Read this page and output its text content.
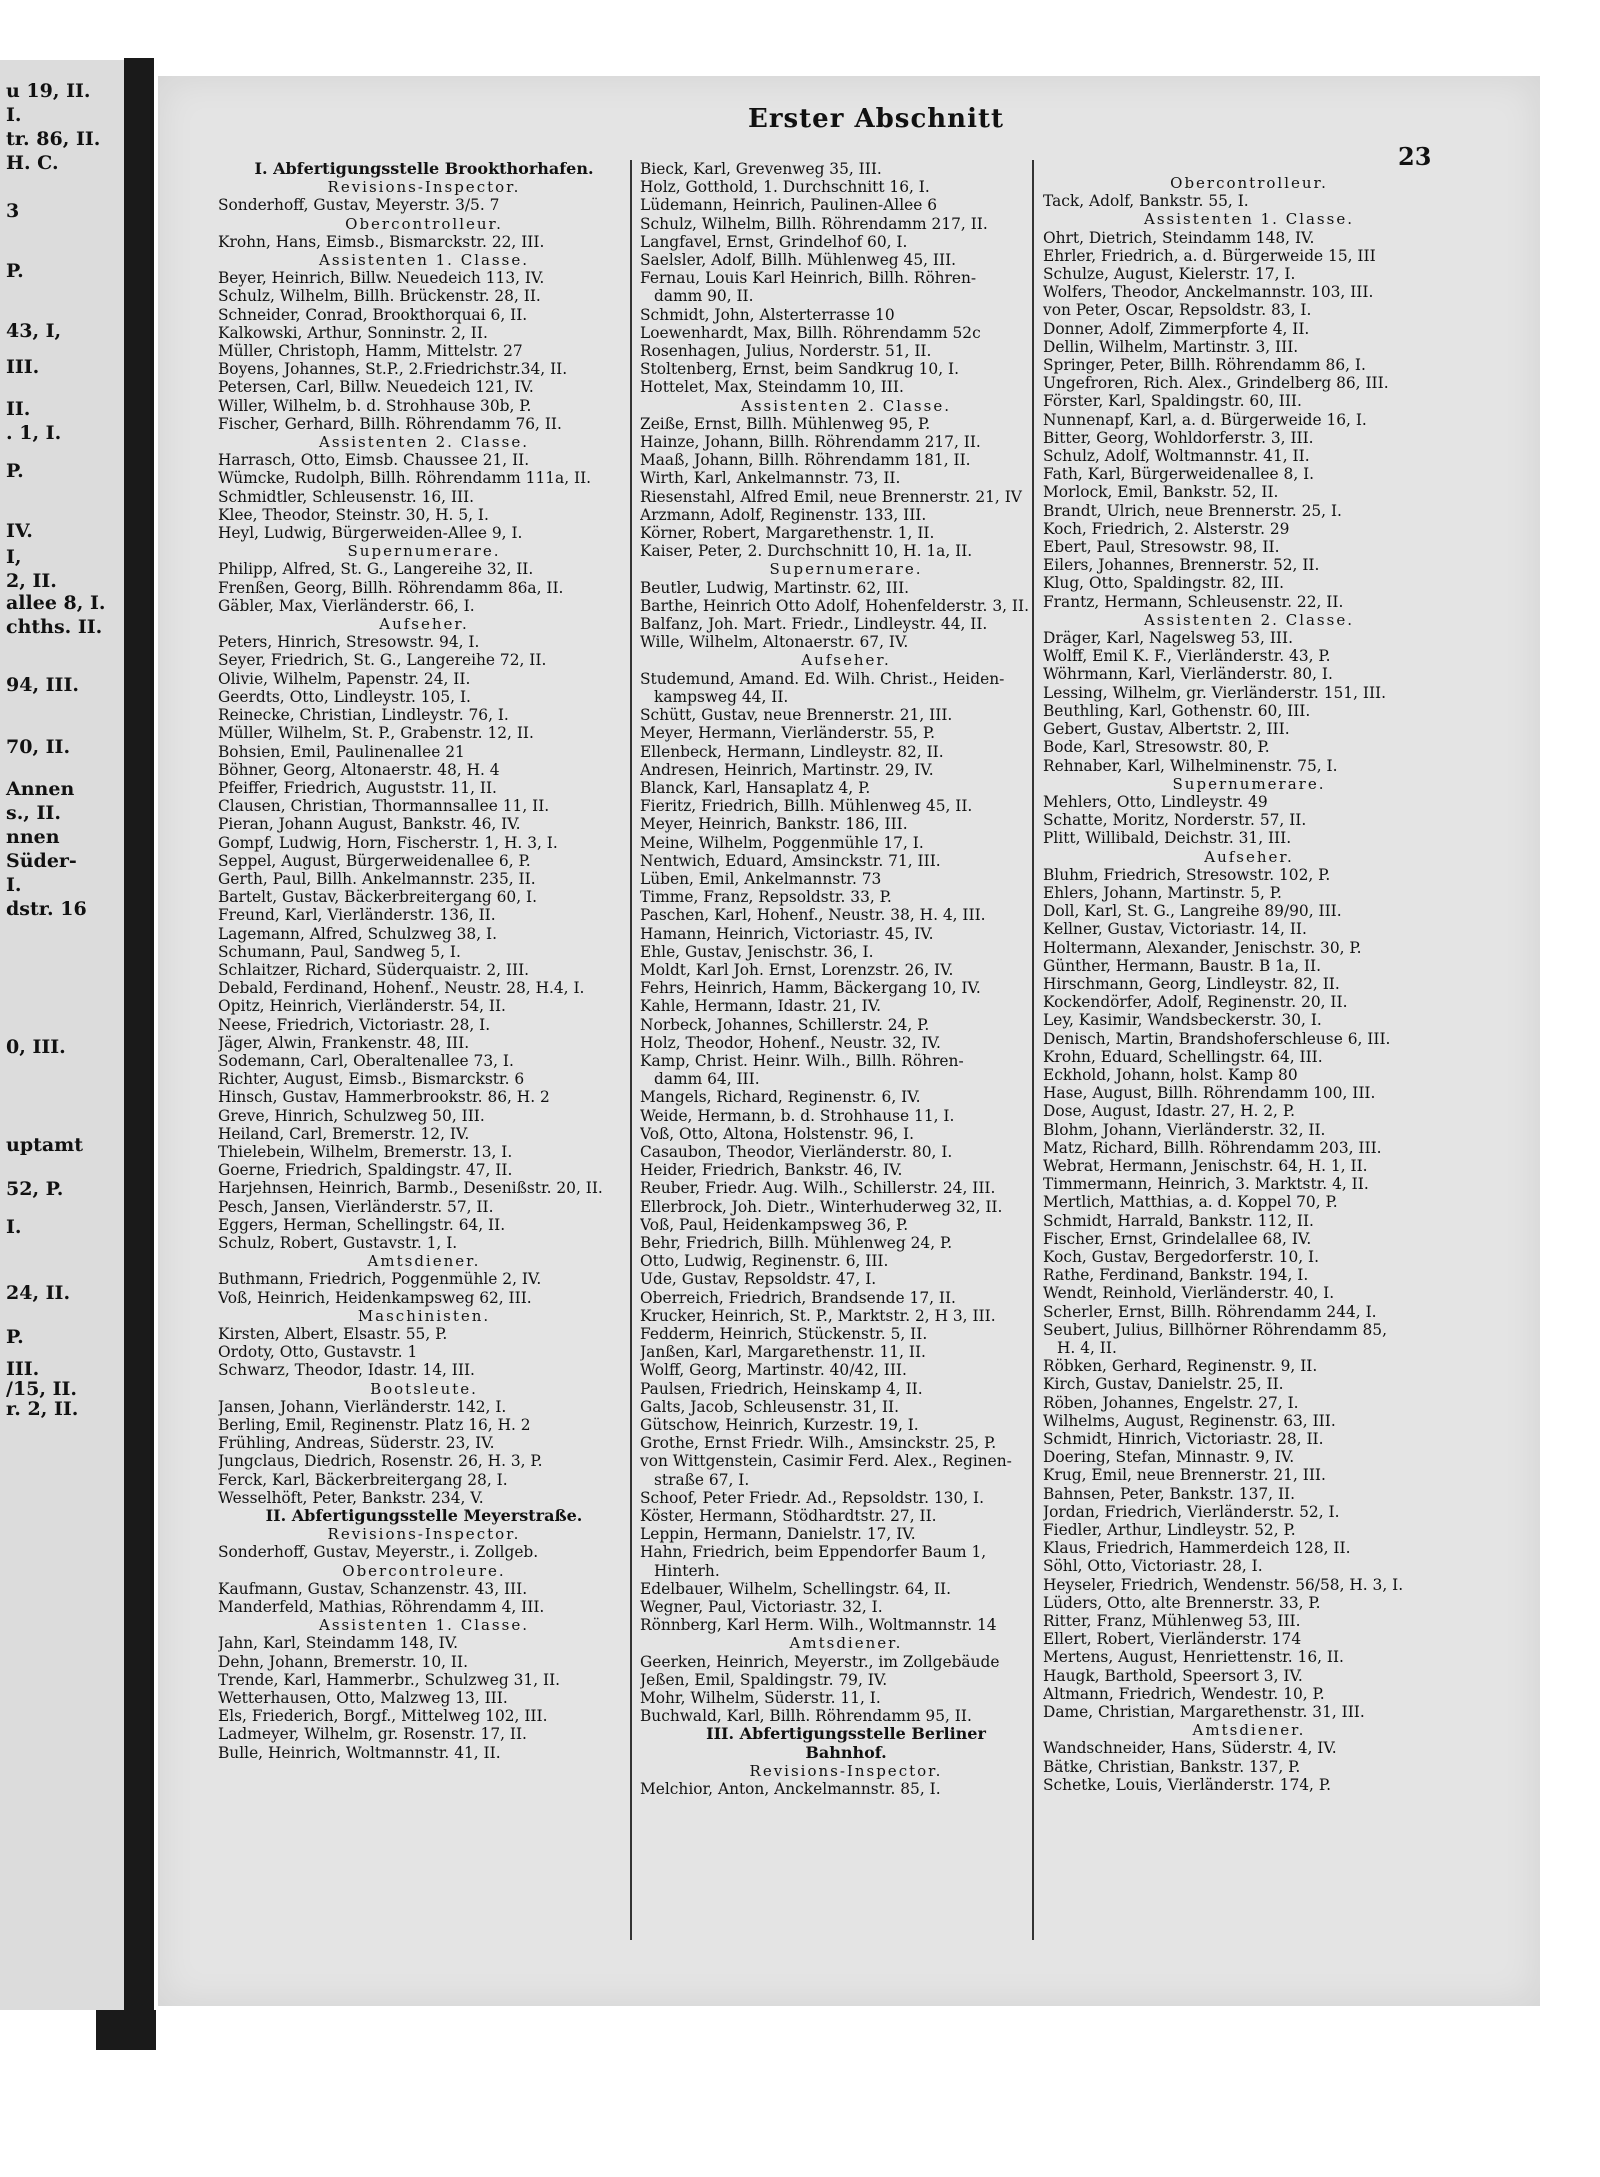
u 19, II.
I.
tr. 86, II.
H. C.
3
P.
43, I,
III.
II.
. 1, I.
P.
IV.
I,
2, II.
allee 8, I.
chths. II.
94, III.
70, II.
Annen
s., II.
nnen
Süder-
I.
dstr. 16
0, III.
uptamt
52, P.
I.
24, II.
P.
III.
/15, II.
r. 2, II.
Erster Abschnitt
23

I. Abfertigungsstelle Brookthorhafen.

Revisions-Inspector.

Sonderhoff, Gustav, Meyerstr. 3/5. 7

Obercontrolleur.

Krohn, Hans, Eimsb., Bismarckstr. 22, III.

Assistenten 1. Classe.

Beyer, Heinrich, Billw. Neuedeich 113, IV.

Schulz, Wilhelm, Billh. Brückenstr. 28, II.

Schneider, Conrad, Brookthorquai 6, II.

Kalkowski, Arthur, Sonninstr. 2, II.

Müller, Christoph, Hamm, Mittelstr. 27

Boyens, Johannes, St.P., 2.Friedrichstr.34, II.

Petersen, Carl, Billw. Neuedeich 121, IV.

Willer, Wilhelm, b. d. Strohhause 30b, P.

Fischer, Gerhard, Billh. Röhrendamm 76, II.

Assistenten 2. Classe.

Harrasch, Otto, Eimsb. Chaussee 21, II.

Wümcke, Rudolph, Billh. Röhrendamm 111a, II.

Schmidtler, Schleusenstr. 16, III.

Klee, Theodor, Steinstr. 30, H. 5, I.

Heyl, Ludwig, Bürgerweiden-Allee 9, I.

Supernumerare.

Philipp, Alfred, St. G., Langereihe 32, II.

Frenßen, Georg, Billh. Röhrendamm 86a, II.

Gäbler, Max, Vierländerstr. 66, I.

Aufseher.

Peters, Hinrich, Stresowstr. 94, I.

Seyer, Friedrich, St. G., Langereihe 72, II.

Olivie, Wilhelm, Papenstr. 24, II.

Geerdts, Otto, Lindleystr. 105, I.

Reinecke, Christian, Lindleystr. 76, I.

Müller, Wilhelm, St. P., Grabenstr. 12, II.

Bohsien, Emil, Paulinenallee 21

Böhner, Georg, Altonaerstr. 48, H. 4

Pfeiffer, Friedrich, Auguststr. 11, II.

Clausen, Christian, Thormannsallee 11, II.

Pieran, Johann August, Bankstr. 46, IV.

Gompf, Ludwig, Horn, Fischerstr. 1, H. 3, I.

Seppel, August, Bürgerweidenallee 6, P.

Gerth, Paul, Billh. Ankelmannstr. 235, II.

Bartelt, Gustav, Bäckerbreitergang 60, I.

Freund, Karl, Vierländerstr. 136, II.

Lagemann, Alfred, Schulzweg 38, I.

Schumann, Paul, Sandweg 5, I.

Schlaitzer, Richard, Süderquaistr. 2, III.

Debald, Ferdinand, Hohenf., Neustr. 28, H.4, I.

Opitz, Heinrich, Vierländerstr. 54, II.

Neese, Friedrich, Victoriastr. 28, I.

Jäger, Alwin, Frankenstr. 48, III.

Sodemann, Carl, Oberaltenallee 73, I.

Richter, August, Eimsb., Bismarckstr. 6

Hinsch, Gustav, Hammerbrookstr. 86, H. 2

Greve, Hinrich, Schulzweg 50, III.

Heiland, Carl, Bremerstr. 12, IV.

Thielebein, Wilhelm, Bremerstr. 13, I.

Goerne, Friedrich, Spaldingstr. 47, II.

Harjehnsen, Heinrich, Barmb., Desenißstr. 20, II.

Pesch, Jansen, Vierländerstr. 57, II.

Eggers, Herman, Schellingstr. 64, II.

Schulz, Robert, Gustavstr. 1, I.

Amtsdiener.

Buthmann, Friedrich, Poggenmühle 2, IV.

Voß, Heinrich, Heidenkampsweg 62, III.

Maschinisten.

Kirsten, Albert, Elsastr. 55, P.

Ordoty, Otto, Gustavstr. 1

Schwarz, Theodor, Idastr. 14, III.

Bootsleute.

Jansen, Johann, Vierländerstr. 142, I.

Berling, Emil, Reginenstr. Platz 16, H. 2

Frühling, Andreas, Süderstr. 23, IV.

Jungclaus, Diedrich, Rosenstr. 26, H. 3, P.

Ferck, Karl, Bäckerbreitergang 28, I.

Wesselhöft, Peter, Bankstr. 234, V.

II. Abfertigungsstelle Meyerstraße.

Revisions-Inspector.

Sonderhoff, Gustav, Meyerstr., i. Zollgeb.

Obercontroleure.

Kaufmann, Gustav, Schanzenstr. 43, III.

Manderfeld, Mathias, Röhrendamm 4, III.

Assistenten 1. Classe.

Jahn, Karl, Steindamm 148, IV.

Dehn, Johann, Bremerstr. 10, II.

Trende, Karl, Hammerbr., Schulzweg 31, II.

Wetterhausen, Otto, Malzweg 13, III.

Els, Friederich, Borgf., Mittelweg 102, III.

Ladmeyer, Wilhelm, gr. Rosenstr. 17, II.

Bulle, Heinrich, Woltmannstr. 41, II.

Bieck, Karl, Grevenweg 35, III.

Holz, Gotthold, 1. Durchschnitt 16, I.

Lüdemann, Heinrich, Paulinen-Allee 6

Schulz, Wilhelm, Billh. Röhrendamm 217, II.

Langfavel, Ernst, Grindelhof 60, I.

Saelsler, Adolf, Billh. Mühlenweg 45, III.

Fernau, Louis Karl Heinrich, Billh. Röhren-

damm 90, II.

Schmidt, John, Alsterterrasse 10

Loewenhardt, Max, Billh. Röhrendamm 52c

Rosenhagen, Julius, Norderstr. 51, II.

Stoltenberg, Ernst, beim Sandkrug 10, I.

Hottelet, Max, Steindamm 10, III.

Assistenten 2. Classe.

Zeiße, Ernst, Billh. Mühlenweg 95, P.

Hainze, Johann, Billh. Röhrendamm 217, II.

Maaß, Johann, Billh. Röhrendamm 181, II.

Wirth, Karl, Ankelmannstr. 73, II.

Riesenstahl, Alfred Emil, neue Brennerstr. 21, IV

Arzmann, Adolf, Reginenstr. 133, III.

Körner, Robert, Margarethenstr. 1, II.

Kaiser, Peter, 2. Durchschnitt 10, H. 1a, II.

Supernumerare.

Beutler, Ludwig, Martinstr. 62, III.

Barthe, Heinrich Otto Adolf, Hohenfelderstr. 3, II.

Balfanz, Joh. Mart. Friedr., Lindleystr. 44, II.

Wille, Wilhelm, Altonaerstr. 67, IV.

Aufseher.

Studemund, Amand. Ed. Wilh. Christ., Heiden-

kampsweg 44, II.

Schütt, Gustav, neue Brennerstr. 21, III.

Meyer, Hermann, Vierländerstr. 55, P.

Ellenbeck, Hermann, Lindleystr. 82, II.

Andresen, Heinrich, Martinstr. 29, IV.

Blanck, Karl, Hansaplatz 4, P.

Fieritz, Friedrich, Billh. Mühlenweg 45, II.

Meyer, Heinrich, Bankstr. 186, III.

Meine, Wilhelm, Poggenmühle 17, I.

Nentwich, Eduard, Amsinckstr. 71, III.

Lüben, Emil, Ankelmannstr. 73

Timme, Franz, Repsoldstr. 33, P.

Paschen, Karl, Hohenf., Neustr. 38, H. 4, III.

Hamann, Heinrich, Victoriastr. 45, IV.

Ehle, Gustav, Jenischstr. 36, I.

Moldt, Karl Joh. Ernst, Lorenzstr. 26, IV.

Fehrs, Heinrich, Hamm, Bäckergang 10, IV.

Kahle, Hermann, Idastr. 21, IV.

Norbeck, Johannes, Schillerstr. 24, P.

Holz, Theodor, Hohenf., Neustr. 32, IV.

Kamp, Christ. Heinr. Wilh., Billh. Röhren-

damm 64, III.

Mangels, Richard, Reginenstr. 6, IV.

Weide, Hermann, b. d. Strohhause 11, I.

Voß, Otto, Altona, Holstenstr. 96, I.

Casaubon, Theodor, Vierländerstr. 80, I.

Heider, Friedrich, Bankstr. 46, IV.

Reuber, Friedr. Aug. Wilh., Schillerstr. 24, III.

Ellerbrock, Joh. Dietr., Winterhuderweg 32, II.

Voß, Paul, Heidenkampsweg 36, P.

Behr, Friedrich, Billh. Mühlenweg 24, P.

Otto, Ludwig, Reginenstr. 6, III.

Ude, Gustav, Repsoldstr. 47, I.

Oberreich, Friedrich, Brandsende 17, II.

Krucker, Heinrich, St. P., Marktstr. 2, H 3, III.

Fedderm, Heinrich, Stückenstr. 5, II.

Janßen, Karl, Margarethenstr. 11, II.

Wolff, Georg, Martinstr. 40/42, III.

Paulsen, Friedrich, Heinskamp 4, II.

Galts, Jacob, Schleusenstr. 31, II.

Gütschow, Heinrich, Kurzestr. 19, I.

Grothe, Ernst Friedr. Wilh., Amsinckstr. 25, P.

von Wittgenstein, Casimir Ferd. Alex., Reginen-

straße 67, I.

Schoof, Peter Friedr. Ad., Repsoldstr. 130, I.

Köster, Hermann, Stödhardtstr. 27, II.

Leppin, Hermann, Danielstr. 17, IV.

Hahn, Friedrich, beim Eppendorfer Baum 1,

Hinterh.

Edelbauer, Wilhelm, Schellingstr. 64, II.

Wegner, Paul, Victoriastr. 32, I.

Rönnberg, Karl Herm. Wilh., Woltmannstr. 14

Amtsdiener.

Geerken, Heinrich, Meyerstr., im Zollgebäude

Jeßen, Emil, Spaldingstr. 79, IV.

Mohr, Wilhelm, Süderstr. 11, I.

Buchwald, Karl, Billh. Röhrendamm 95, II.

III. Abfertigungsstelle Berliner

Bahnhof.

Revisions-Inspector.

Melchior, Anton, Anckelmannstr. 85, I.

Obercontrolleur.

Tack, Adolf, Bankstr. 55, I.

Assistenten 1. Classe.

Ohrt, Dietrich, Steindamm 148, IV.

Ehrler, Friedrich, a. d. Bürgerweide 15, III

Schulze, August, Kielerstr. 17, I.

Wolfers, Theodor, Anckelmannstr. 103, III.

von Peter, Oscar, Repsoldstr. 83, I.

Donner, Adolf, Zimmerpforte 4, II.

Dellin, Wilhelm, Martinstr. 3, III.

Springer, Peter, Billh. Röhrendamm 86, I.

Ungefroren, Rich. Alex., Grindelberg 86, III.

Förster, Karl, Spaldingstr. 60, III.

Nunnenapf, Karl, a. d. Bürgerweide 16, I.

Bitter, Georg, Wohldorferstr. 3, III.

Schulz, Adolf, Woltmannstr. 41, II.

Fath, Karl, Bürgerweidenallee 8, I.

Morlock, Emil, Bankstr. 52, II.

Brandt, Ulrich, neue Brennerstr. 25, I.

Koch, Friedrich, 2. Alsterstr. 29

Ebert, Paul, Stresowstr. 98, II.

Eilers, Johannes, Brennerstr. 52, II.

Klug, Otto, Spaldingstr. 82, III.

Frantz, Hermann, Schleusenstr. 22, II.

Assistenten 2. Classe.

Dräger, Karl, Nagelsweg 53, III.

Wolff, Emil K. F., Vierländerstr. 43, P.

Wöhrmann, Karl, Vierländerstr. 80, I.

Lessing, Wilhelm, gr. Vierländerstr. 151, III.

Beuthling, Karl, Gothenstr. 60, III.

Gebert, Gustav, Albertstr. 2, III.

Bode, Karl, Stresowstr. 80, P.

Rehnaber, Karl, Wilhelminenstr. 75, I.

Supernumerare.

Mehlers, Otto, Lindleystr. 49

Schatte, Moritz, Norderstr. 57, II.

Plitt, Willibald, Deichstr. 31, III.

Aufseher.

Bluhm, Friedrich, Stresowstr. 102, P.

Ehlers, Johann, Martinstr. 5, P.

Doll, Karl, St. G., Langreihe 89/90, III.

Kellner, Gustav, Victoriastr. 14, II.

Holtermann, Alexander, Jenischstr. 30, P.

Günther, Hermann, Baustr. B 1a, II.

Hirschmann, Georg, Lindleystr. 82, II.

Kockendörfer, Adolf, Reginenstr. 20, II.

Ley, Kasimir, Wandsbeckerstr. 30, I.

Denisch, Martin, Brandshoferschleuse 6, III.

Krohn, Eduard, Schellingstr. 64, III.

Eckhold, Johann, holst. Kamp 80

Hase, August, Billh. Röhrendamm 100, III.

Dose, August, Idastr. 27, H. 2, P.

Blohm, Johann, Vierländerstr. 32, II.

Matz, Richard, Billh. Röhrendamm 203, III.

Webrat, Hermann, Jenischstr. 64, H. 1, II.

Timmermann, Heinrich, 3. Marktstr. 4, II.

Mertlich, Matthias, a. d. Koppel 70, P.

Schmidt, Harrald, Bankstr. 112, II.

Fischer, Ernst, Grindelallee 68, IV.

Koch, Gustav, Bergedorferstr. 10, I.

Rathe, Ferdinand, Bankstr. 194, I.

Wendt, Reinhold, Vierländerstr. 40, I.

Scherler, Ernst, Billh. Röhrendamm 244, I.

Seubert, Julius, Billhörner Röhrendamm 85,

H. 4, II.

Röbken, Gerhard, Reginenstr. 9, II.

Kirch, Gustav, Danielstr. 25, II.

Röben, Johannes, Engelstr. 27, I.

Wilhelms, August, Reginenstr. 63, III.

Schmidt, Hinrich, Victoriastr. 28, II.

Doering, Stefan, Minnastr. 9, IV.

Krug, Emil, neue Brennerstr. 21, III.

Bahnsen, Peter, Bankstr. 137, II.

Jordan, Friedrich, Vierländerstr. 52, I.

Fiedler, Arthur, Lindleystr. 52, P.

Klaus, Friedrich, Hammerdeich 128, II.

Söhl, Otto, Victoriastr. 28, I.

Heyseler, Friedrich, Wendenstr. 56/58, H. 3, I.

Lüders, Otto, alte Brennerstr. 33, P.

Ritter, Franz, Mühlenweg 53, III.

Ellert, Robert, Vierländerstr. 174

Mertens, August, Henriettenstr. 16, II.

Haugk, Barthold, Speersort 3, IV.

Altmann, Friedrich, Wendestr. 10, P.

Dame, Christian, Margarethenstr. 31, III.

Amtsdiener.

Wandschneider, Hans, Süderstr. 4, IV.

Bätke, Christian, Bankstr. 137, P.

Schetke, Louis, Vierländerstr. 174, P.
